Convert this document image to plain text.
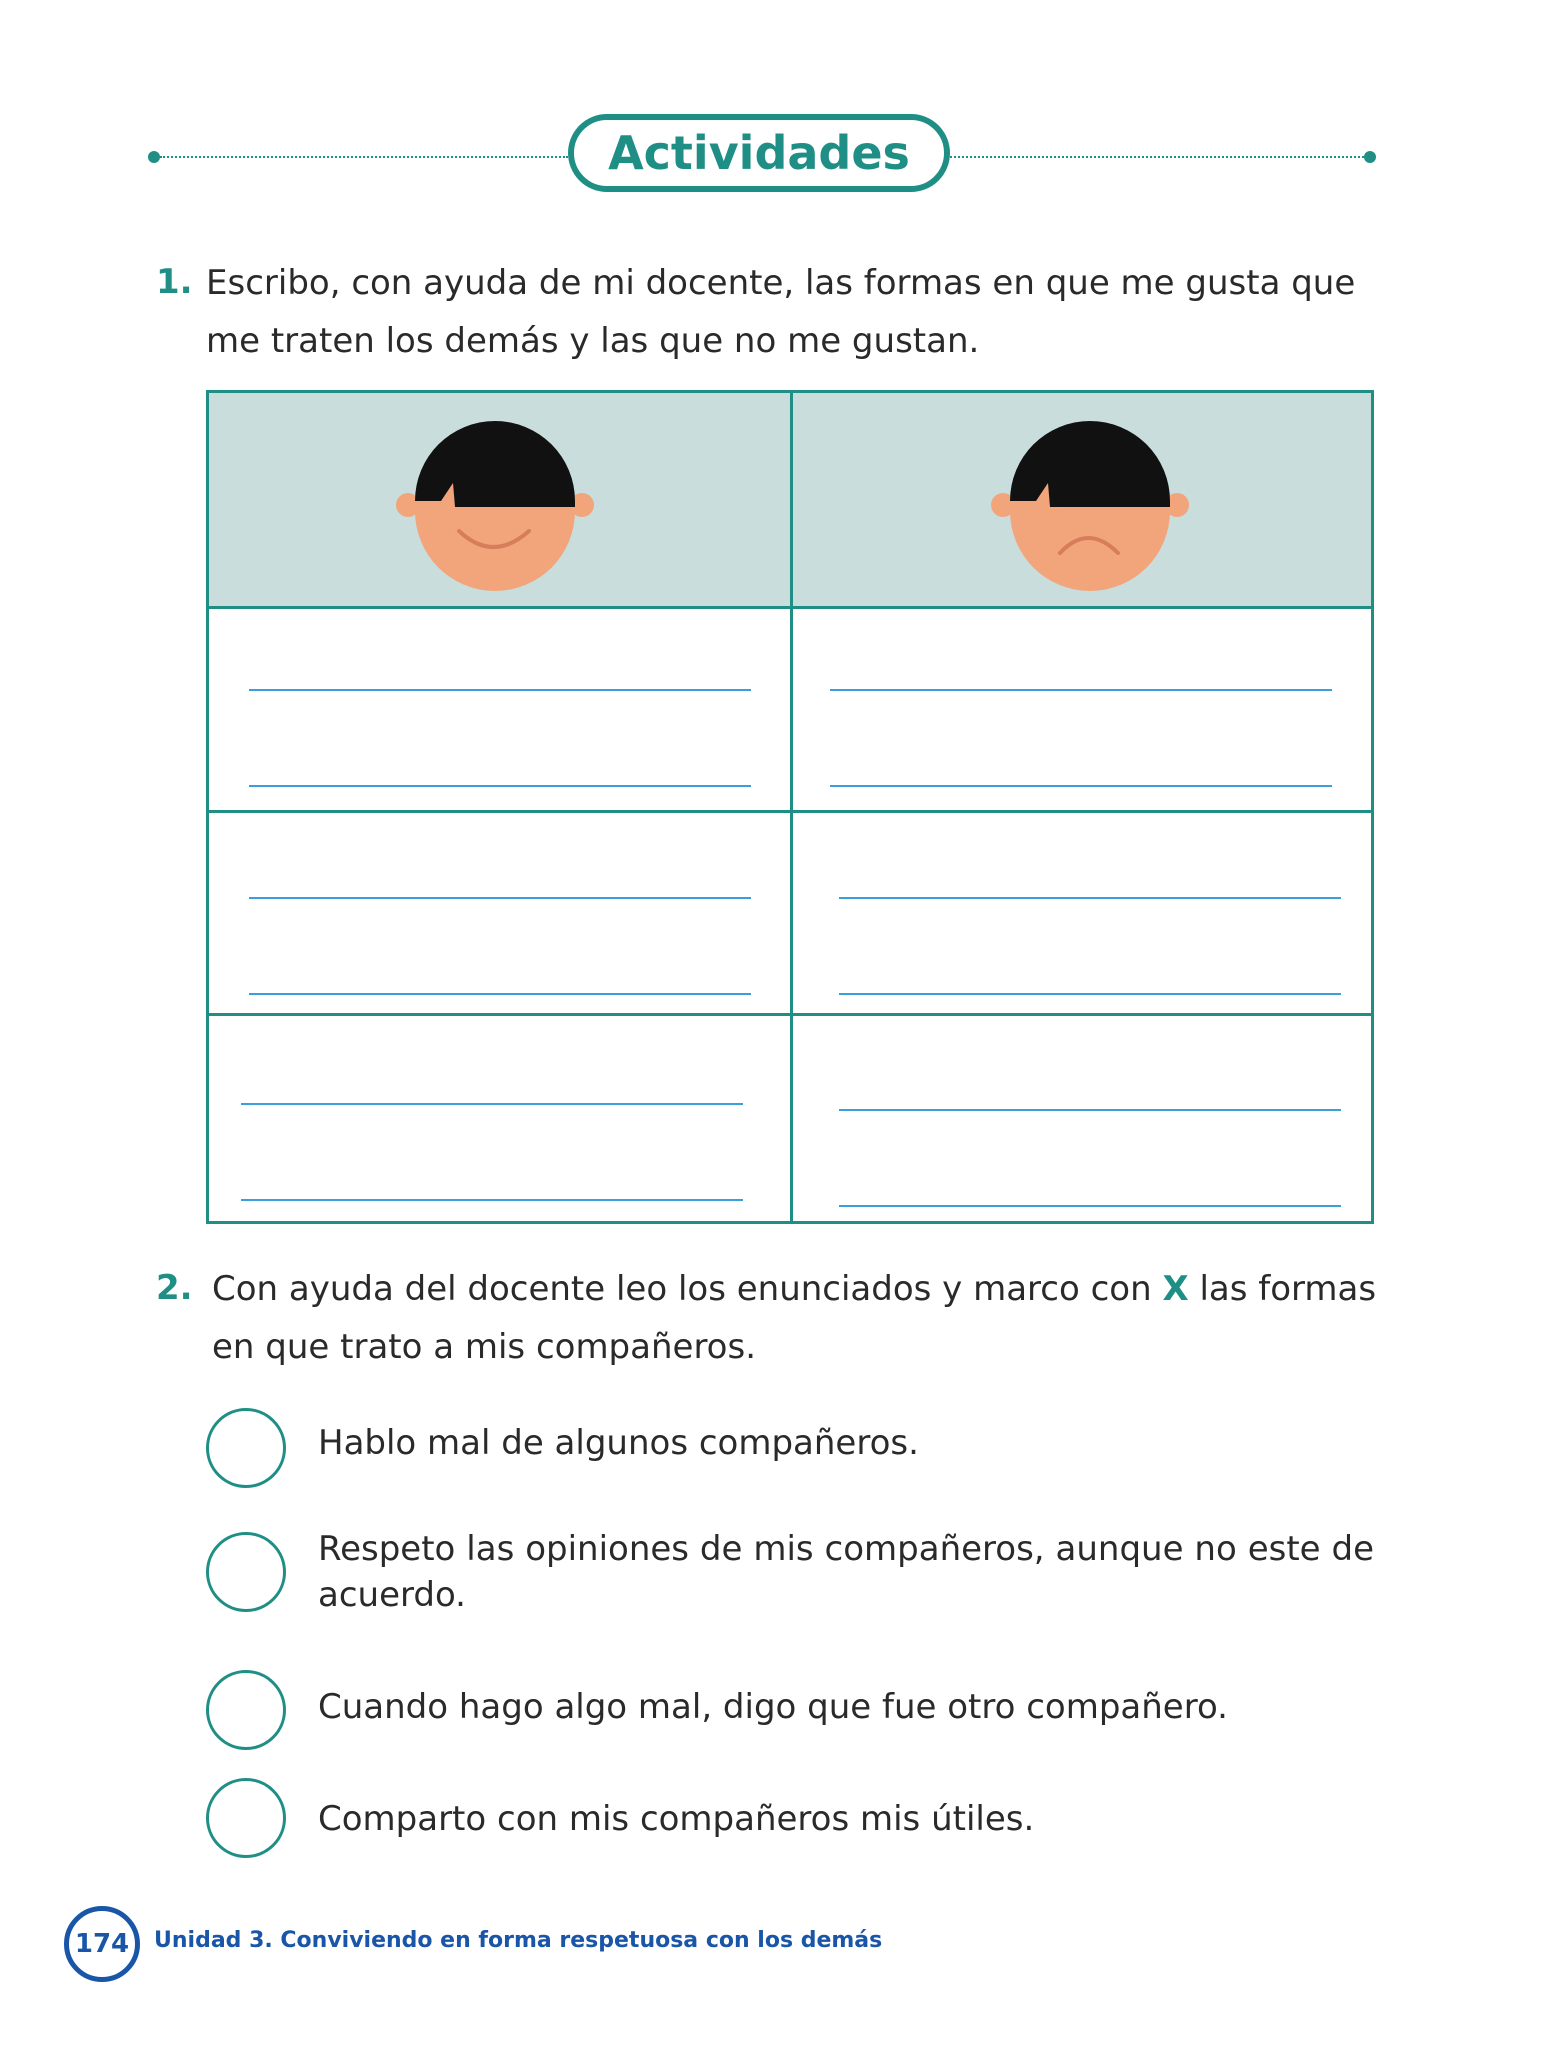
Actividades
1. Escribo, con ayuda de mi docente, las formas en que me gusta que
me traten los demás y las que no me gustan.
2. Con ayuda del docente leo los enunciados y marco con X las formas
en que trato a mis compañeros.
Hablo mal de algunos compañeros.
Respeto las opiniones de mis compañeros, aunque no este de acuerdo.
Cuando hago algo mal, digo que fue otro compañero.
Comparto con mis compañeros mis útiles.
174	Unidad 3. Conviviendo en forma respetuosa con los demás
